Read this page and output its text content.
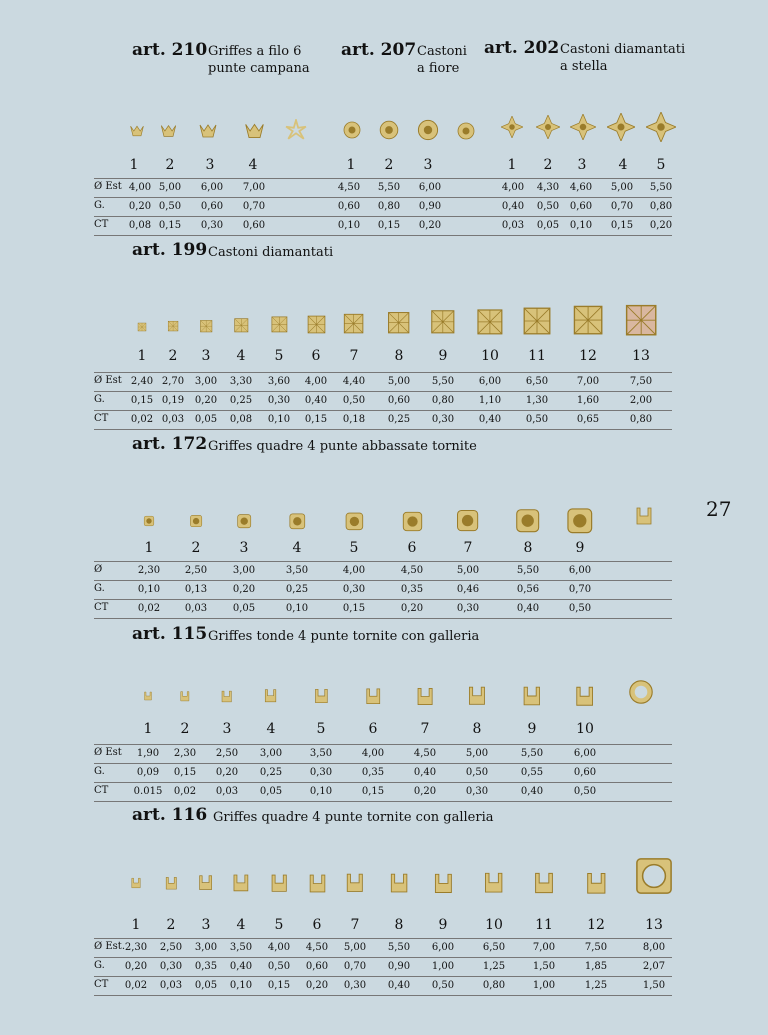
art. 210 Griffes a filo 6
punte campana
art. 207 Castoni
a fiore
art. 202 Castoni diamantati
a stella
1	2	3	4	1	2	3	1	2	3	4	5
Ø Est 4,00 5,00	6,00	7,00	4,50	5,50	6,00	4,00	4,30	4,60	5,00	5,50
G.	0,20 0,50	0,60	0,70	0,60	0,80	0,90	0,40	0,50	0,60	0,70	0,80
CT	0,08 0,15	0,30	0,60	0,10	0,15	0,20	0,03	0,05	0,10	0,15	0,20
art. 199 Castoni diamantati
1	2	3	4	5	6	7	8	9	10	11	12	13
Ø Est 2,40 2,70	3,00	3,30	3,60	4,00	4,40	5,00	5,50	6,00	6,50	7,00	7,50
G.	0,15 0,19	0,20	0,25	0,30	0,40	0,50	0,60	0,80	1,10	1,30	1,60	2,00
CT	0,02 0,03	0,05	0,08	0,10	0,15	0,18	0,25	0,30	0,40	0,50	0,65	0,80
art. 172 Griffes quadre 4 punte abbassate tornite
1	2	3	4	5	6	7	8	9
Ø	2,30	2,50	3,00	3,50	4,00	4,50	5,00	5,50	6,00
G.	0,10	0,13	0,20	0,25	0,30	0,35	0,46	0,56	0,70
CT	0,02	0,03	0,05	0,10	0,15	0,20	0,30	0,40	0,50
27
art. 115 Griffes tonde 4 punte tornite con galleria
1	2	3	4	5	6	7	8	9	10
Ø Est	1,90	2,30	2,50	3,00	3,50	4,00	4,50	5,00	5,50	6,00
G.	0,09	0,15	0,20	0,25	0,30	0,35	0,40	0,50	0,55	0,60
CT	0.015	0,02	0,03	0,05	0,10	0,15	0,20	0,30	0,40	0,50
art. 116 Griffes quadre 4 punte tornite con galleria
1	2	3	4	5	6	7	8	9	10	11	12	13
Ø Est. 2,30	2,50	3,00	3,50	4,00	4,50	5,00	5,50	6,00	6,50	7,00	7,50	8,00
G.	0,20	0,30	0,35	0,40	0,50	0,60	0,70	0,90	1,00	1,25	1,50	1,85	2,07
CT	0,02	0,03	0,05	0,10	0,15	0,20	0,30	0,40	0,50	0,80	1,00	1,25	1,50
